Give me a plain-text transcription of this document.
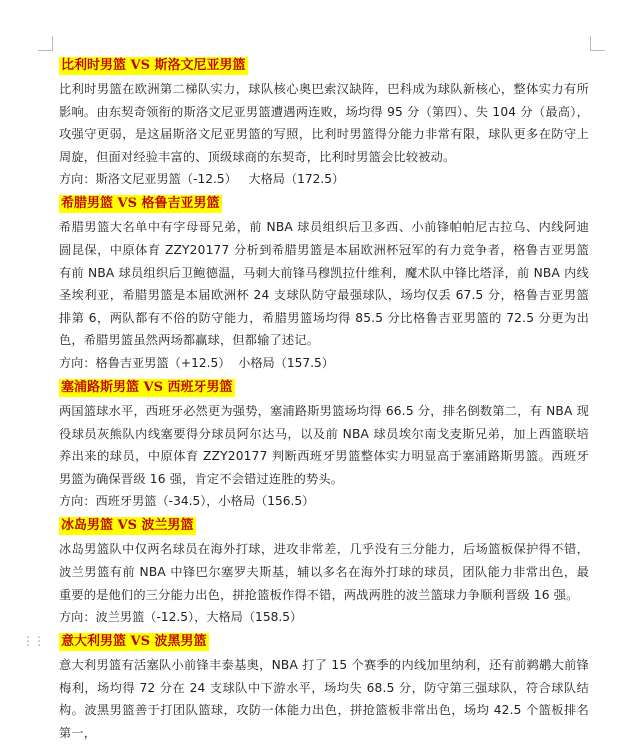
比利时男篮 VS 斯洛文尼亚男篮

比利时男篮在欧洲第二梯队实力，球队核心奥巴索汉缺阵，巴科成为球队新核心，整体实力有所影响。由东契奇领衔的斯洛文尼亚男篮遭遇两连败，场均得 95 分（第四）、失 104 分（最高），攻强守更弱，是这届斯洛文尼亚男篮的写照，比利时男篮得分能力非常有限，球队更多在防守上周旋，但面对经验丰富的、顶级球商的东契奇，比利时男篮会比较被动。

方向：斯洛文尼亚男篮（-12.5）   大格局（172.5）
希腊男篮 VS 格鲁吉亚男篮

希腊男篮大名单中有字母哥兄弟，前 NBA 球员组织后卫多西、小前锋帕帕尼古拉乌、内线阿迪圆昆保，中原体育 ZZY20177 分析到希腊男篮是本届欧洲杯冠军的有力竞争者，格鲁吉亚男篮有前 NBA 球员组织后卫鲍德温，马刺大前锋马穆凯拉什维利，魔术队中锋比塔泽，前 NBA 内线圣埃利亚，希腊男篮是本届欧洲杯 24 支球队防守最强球队，场均仅丢 67.5 分，格鲁吉亚男篮排第 6，两队都有不俗的防守能力，希腊男篮场均得 85.5 分比格鲁吉亚男篮的 72.5 分更为出色，希腊男篮虽然两场都赢球，但都输了述记。

方向：格鲁吉亚男篮（+12.5）  小格局（157.5）
塞浦路斯男篮 VS 西班牙男篮

两国篮球水平，西班牙必然更为强势，塞浦路斯男篮场均得 66.5 分，排名倒数第二，有 NBA 现役球员灰熊队内线塞要得分球员阿尔达马，以及前 NBA 球员埃尔南戈麦斯兄弟，加上西篮联培养出来的球员，中原体育 ZZY20177 判断西班牙男篮整体实力明显高于塞浦路斯男篮。西班牙男篮为确保晋级 16 强，肯定不会错过连胜的势头。

方向：西班牙男篮（-34.5），小格局（156.5）
冰岛男篮 VS 波兰男篮

冰岛男篮队中仅两名球员在海外打球，进攻非常差，几乎没有三分能力，后场篮板保护得不错，波兰男篮有前 NBA 中锋巴尔塞罗夫斯基，辅以多名在海外打球的球员，团队能力非常出色，最重要的是他们的三分能力出色，拼抢篮板作得不错，两战两胜的波兰篮球力争顺利晋级 16 强。

方向：波兰男篮（-12.5），大格局（158.5）
意大利男篮 VS 波黑男篮

意大利男篮有活塞队小前锋丰泰基奥，NBA 打了 15 个赛季的内线加里纳利，还有前鹈鹕大前锋梅利，场均得 72 分在 24 支球队中下游水平，场均失 68.5 分，防守第三强球队，符合球队结构。波黑男篮善于打团队篮球，攻防一体能力出色，拼抢篮板非常出色，场均 42.5 个篮板排名第一，

⋮⋮
